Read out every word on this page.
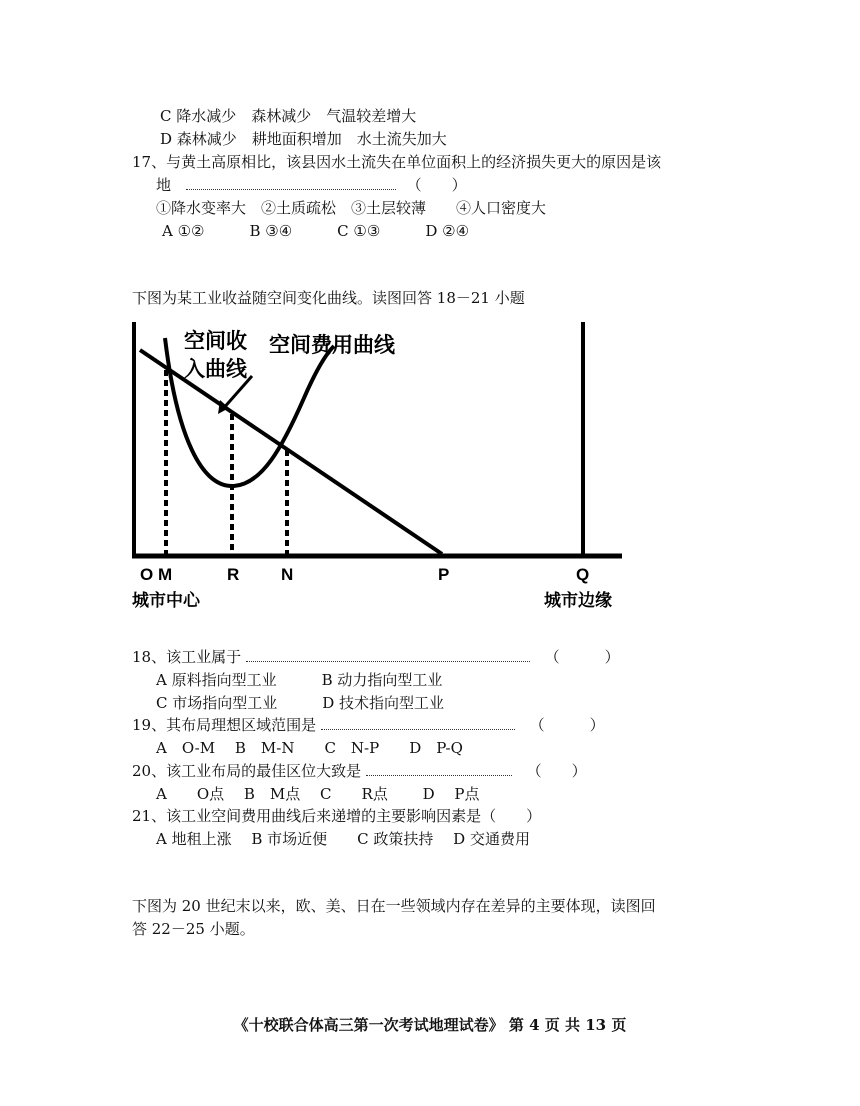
C 降水减少　森林减少　气温较差增大
D 森林减少　耕地面积增加　水土流失加大
17、与黄土高原相比，该县因水土流失在单位面积上的经济损失更大的原因是该
地	（　　）
①降水变率大　②土质疏松　③土层较薄　　④人口密度大
A ①②　　　B ③④　　　C ①③　　　D ②④
下图为某工业收益随空间变化曲线。读图回答 18－21 小题
空间收
入曲线
空间费用曲线
O M	R N	P	Q
城市中心	城市边缘
18、该工业属于	（　　　）
A 原料指向型工业　　　B 动力指向型工业
C 市场指向型工业　　　D 技术指向型工业
19、其布局理想区域范围是	（　　　）
A　O-M　 B　M-N　　C　N-P　　D　P-Q
20、该工业布局的最佳区位大致是	（　　）
A　　O点　 B　M点　 C　　R点　　 D　 P点
21、该工业空间费用曲线后来递增的主要影响因素是（　　）
A 地租上涨　 B 市场近便　　C 政策扶持　 D 交通费用
下图为 20 世纪末以来，欧、美、日在一些领域内存在差异的主要体现，读图回
答 22－25 小题。
《十校联合体高三第一次考试地理试卷》 第 4 页 共 13 页
